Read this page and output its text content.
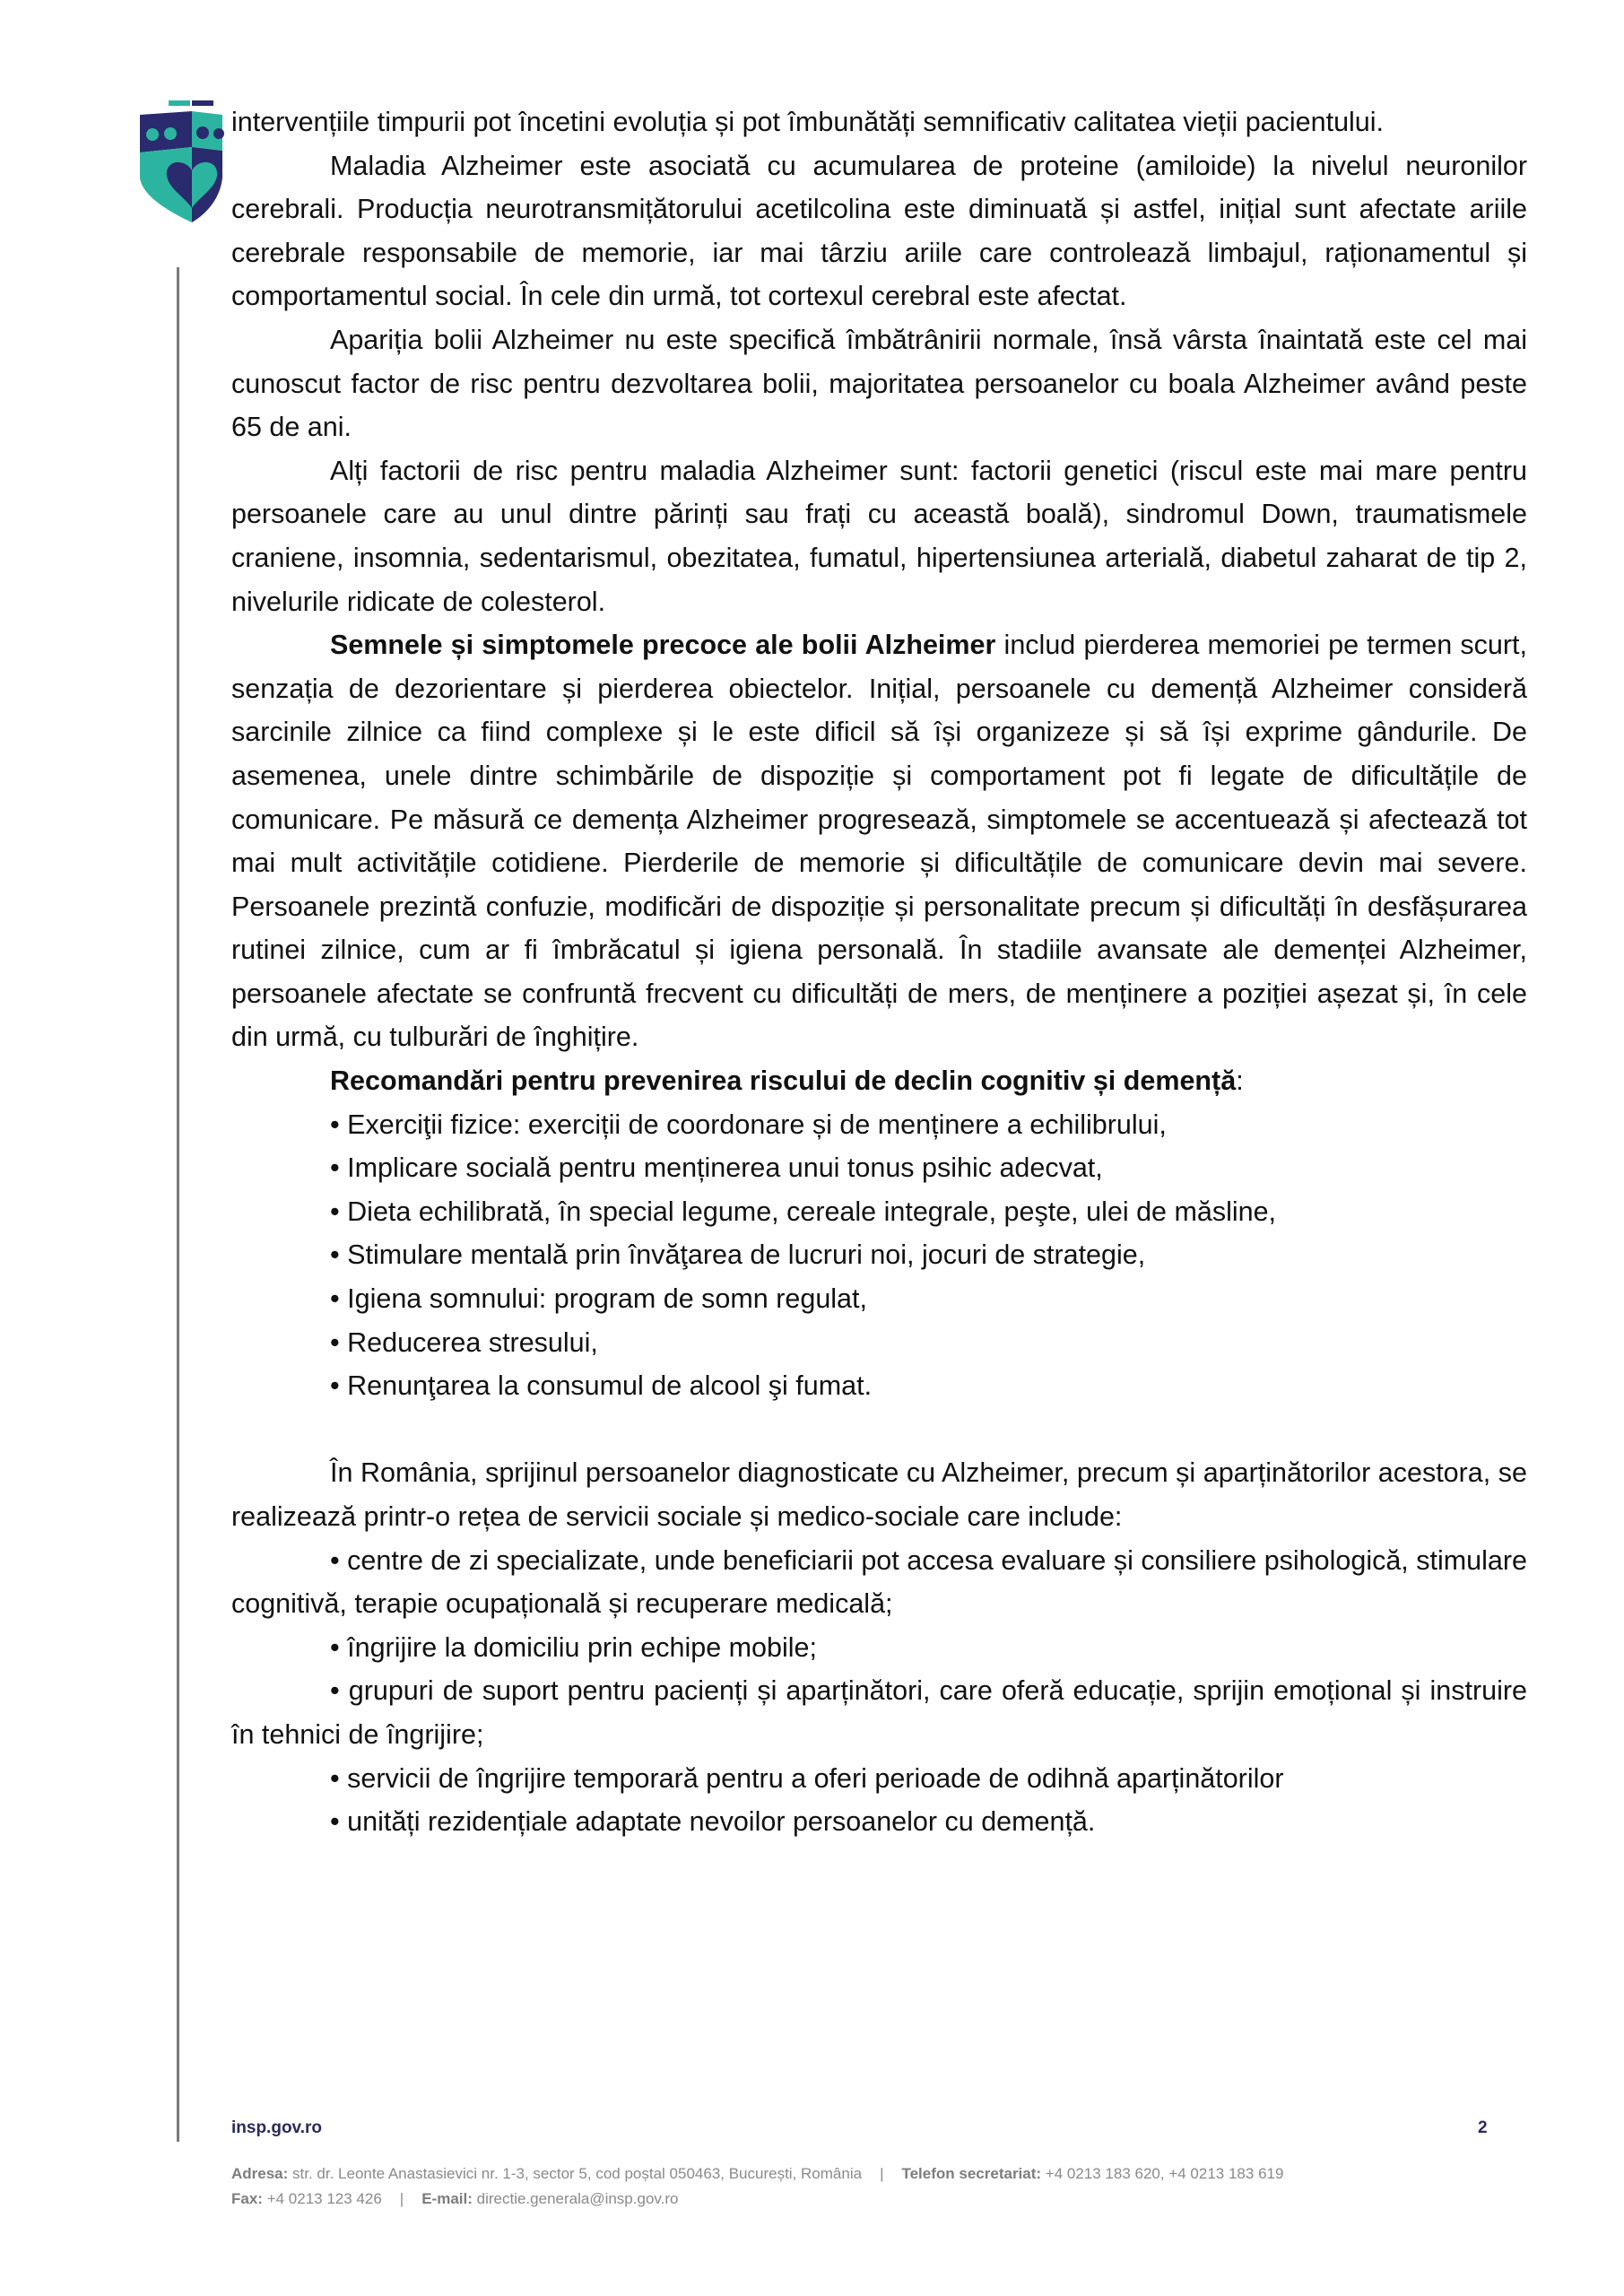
intervențiile timpurii pot încetini evoluția și pot îmbunătăți semnificativ calitatea vieții pacientului.

Maladia Alzheimer este asociată cu acumularea de proteine (amiloide) la nivelul neuronilor cerebrali. Producția neurotransmițătorului acetilcolina este diminuată și astfel, inițial sunt afectate ariile cerebrale responsabile de memorie, iar mai târziu ariile care controlează limbajul, raționamentul și comportamentul social. În cele din urmă, tot cortexul cerebral este afectat.

Apariția bolii Alzheimer nu este specifică îmbătrânirii normale, însă vârsta înaintată este cel mai cunoscut factor de risc pentru dezvoltarea bolii, majoritatea persoanelor cu boala Alzheimer având peste 65 de ani.

Alți factorii de risc pentru maladia Alzheimer sunt: factorii genetici (riscul este mai mare pentru persoanele care au unul dintre părinți sau frați cu această boală), sindromul Down, traumatismele craniene, insomnia, sedentarismul, obezitatea, fumatul, hipertensiunea arterială, diabetul zaharat de tip 2, nivelurile ridicate de colesterol.

Semnele și simptomele precoce ale bolii Alzheimer includ pierderea memoriei pe termen scurt, senzația de dezorientare și pierderea obiectelor. Inițial, persoanele cu demență Alzheimer consideră sarcinile zilnice ca fiind complexe și le este dificil să își organizeze și să își exprime gândurile. De asemenea, unele dintre schimbările de dispoziție și comportament pot fi legate de dificultățile de comunicare. Pe măsură ce demența Alzheimer progresează, simptomele se accentuează și afectează tot mai mult activitățile cotidiene. Pierderile de memorie și dificultățile de comunicare devin mai severe. Persoanele prezintă confuzie, modificări de dispoziție și personalitate precum și dificultăți în desfășurarea rutinei zilnice, cum ar fi îmbrăcatul și igiena personală. În stadiile avansate ale demenței Alzheimer, persoanele afectate se confruntă frecvent cu dificultăți de mers, de menținere a poziției așezat și, în cele din urmă, cu tulburări de înghițire.

Recomandări pentru prevenirea riscului de declin cognitiv și demență:

• Exerciţii fizice: exerciții de coordonare și de menținere a echilibrului,

• Implicare socială pentru menținerea unui tonus psihic adecvat,

• Dieta echilibrată, în special legume, cereale integrale, peşte, ulei de măsline,

• Stimulare mentală prin învăţarea de lucruri noi, jocuri de strategie,

• Igiena somnului: program de somn regulat,

• Reducerea stresului,

• Renunţarea la consumul de alcool şi fumat.

În România, sprijinul persoanelor diagnosticate cu Alzheimer, precum și aparținătorilor acestora, se realizează printr-o rețea de servicii sociale și medico-sociale care include:

• centre de zi specializate, unde beneficiarii pot accesa evaluare și consiliere psihologică, stimulare cognitivă, terapie ocupațională și recuperare medicală;

• îngrijire la domiciliu prin echipe mobile;

• grupuri de suport pentru pacienți și aparținători, care oferă educație, sprijin emoțional și instruire în tehnici de îngrijire;

• servicii de îngrijire temporară pentru a oferi perioade de odihnă aparținătorilor

• unități rezidențiale adaptate nevoilor persoanelor cu demență.

insp.gov.ro	2
Adresa: str. dr. Leonte Anastasievici nr. 1-3, sector 5, cod poștal 050463, București, România | Telefon secretariat: +4 0213 183 620, +4 0213 183 619
Fax: +4 0213 123 426 | E-mail: directie.generala@insp.gov.ro
